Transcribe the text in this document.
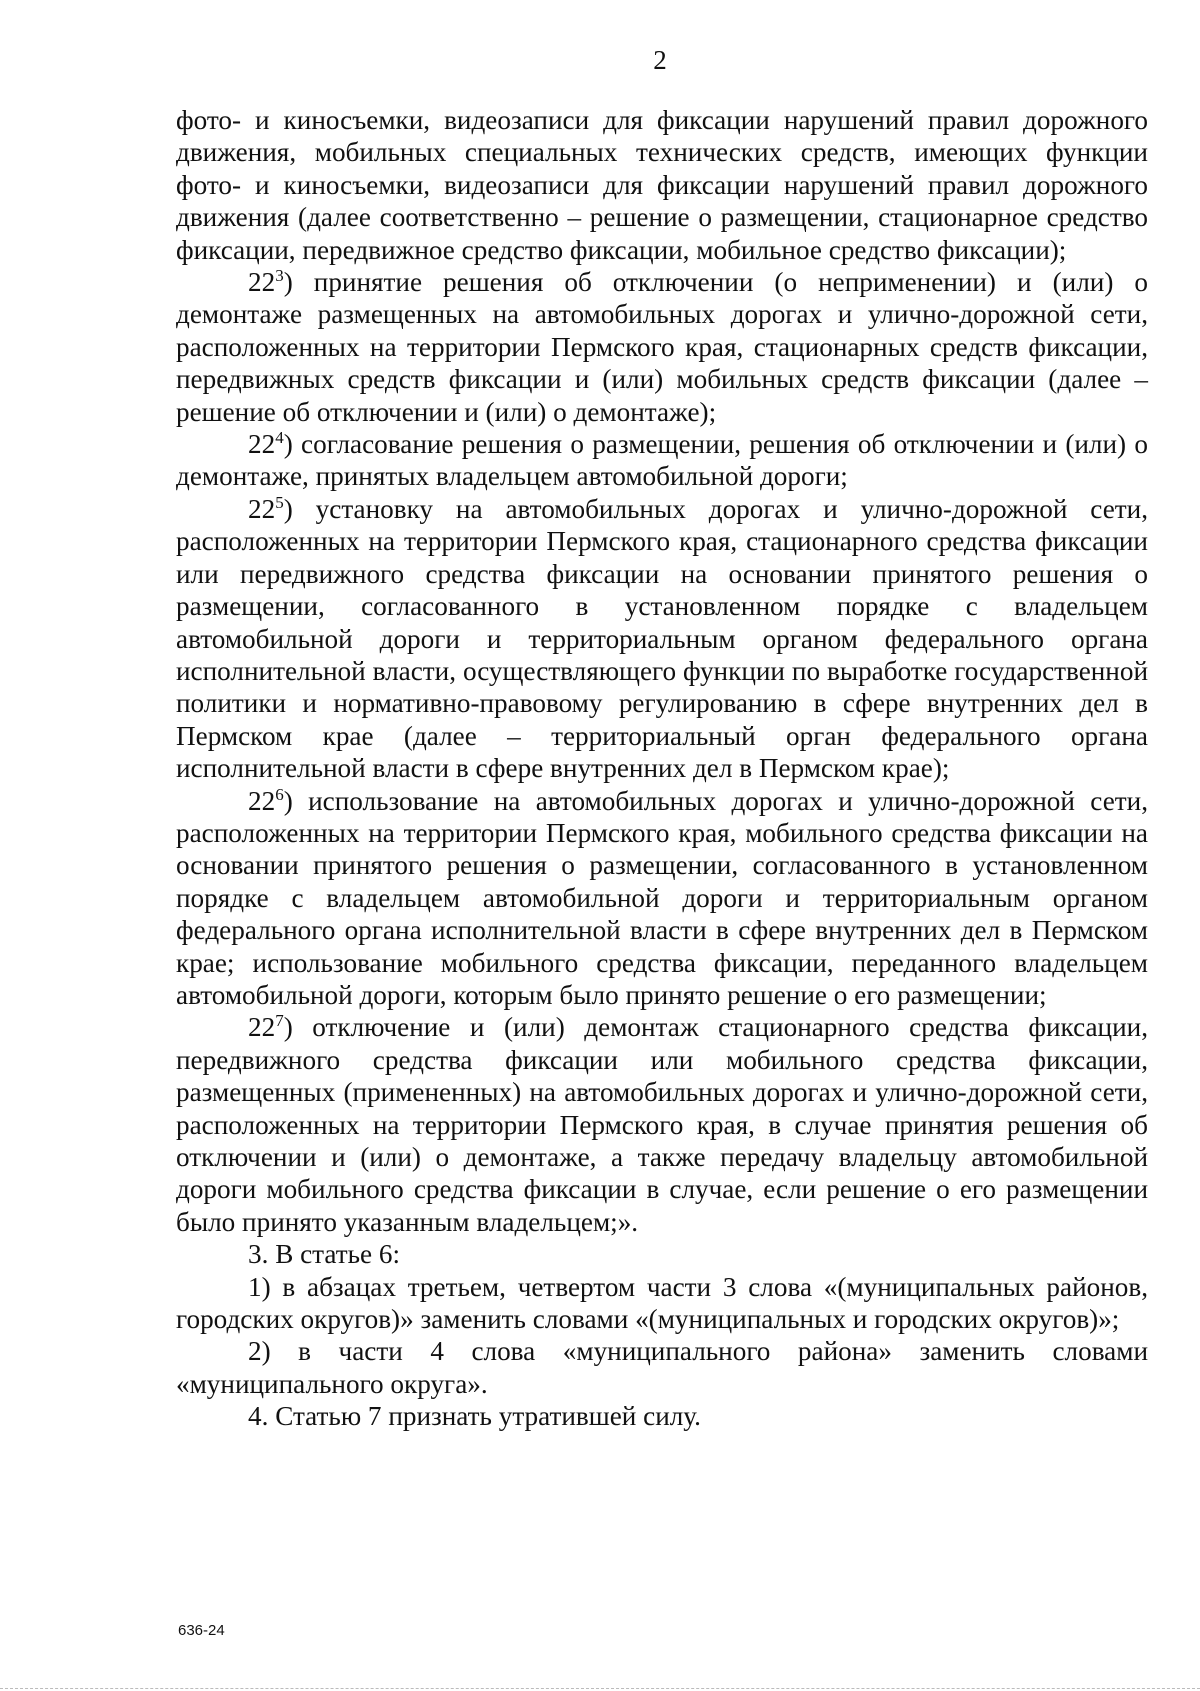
2

фото- и киносъемки, видеозаписи для фиксации нарушений правил дорожного движения, мобильных специальных технических средств, имеющих функции фото- и киносъемки, видеозаписи для фиксации нарушений правил дорожного движения (далее соответственно – решение о размещении, стационарное средство фиксации, передвижное средство фиксации, мобильное средство фиксации);

$22^3$) принятие решения об отключении (о неприменении) и (или) о демонтаже размещенных на автомобильных дорогах и улично-дорожной сети, расположенных на территории Пермского края, стационарных средств фиксации, передвижных средств фиксации и (или) мобильных средств фиксации (далее – решение об отключении и (или) о демонтаже);

$22^4$) согласование решения о размещении, решения об отключении и (или) о демонтаже, принятых владельцем автомобильной дороги;

$22^5$) установку на автомобильных дорогах и улично-дорожной сети, расположенных на территории Пермского края, стационарного средства фиксации или передвижного средства фиксации на основании принятого решения о размещении, согласованного в установленном порядке с владельцем автомобильной дороги и территориальным органом федерального органа исполнительной власти, осуществляющего функции по выработке государственной политики и нормативно-правовому регулированию в сфере внутренних дел в Пермском крае (далее – территориальный орган федерального органа исполнительной власти в сфере внутренних дел в Пермском крае);

$22^6$) использование на автомобильных дорогах и улично-дорожной сети, расположенных на территории Пермского края, мобильного средства фиксации на основании принятого решения о размещении, согласованного в установленном порядке с владельцем автомобильной дороги и территориальным органом федерального органа исполнительной власти в сфере внутренних дел в Пермском крае; использование мобильного средства фиксации, переданного владельцем автомобильной дороги, которым было принято решение о его размещении;

$22^7$) отключение и (или) демонтаж стационарного средства фиксации, передвижного средства фиксации или мобильного средства фиксации, размещенных (примененных) на автомобильных дорогах и улично-дорожной сети, расположенных на территории Пермского края, в случае принятия решения об отключении и (или) о демонтаже, а также передачу владельцу автомобильной дороги мобильного средства фиксации в случае, если решение о его размещении было принято указанным владельцем;».

3. В статье 6:

1) в абзацах третьем, четвертом части 3 слова «(муниципальных районов, городских округов)» заменить словами «(муниципальных и городских округов)»;

2) в части 4 слова «муниципального района» заменить словами «муниципального округа».

4. Статью 7 признать утратившей силу.

636-24
